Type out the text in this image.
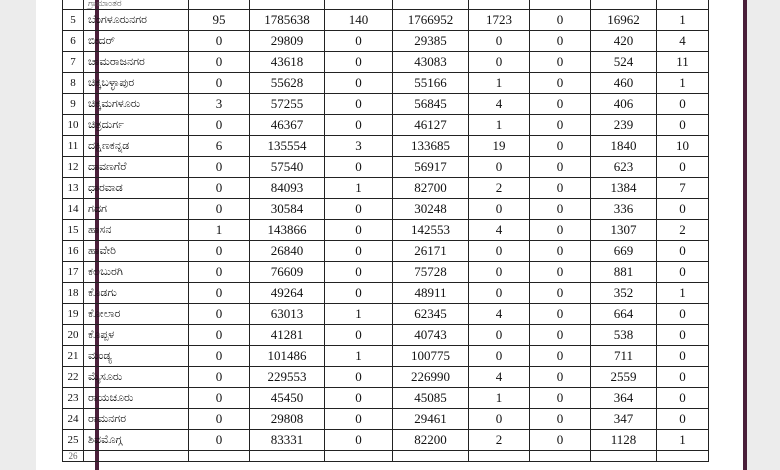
	ಗ್ರಾಮಾಂತರ								
5	ಬೆಂಗಳೂರುನಗರ	95	1785638	140	1766952	1723	0	16962	1
6	ಬೀದರ್	0	29809	0	29385	0	0	420	4
7	ಚಾಮರಾಜನಗರ	0	43618	0	43083	0	0	524	11
8	ಚಿಕ್ಕಬಳ್ಳಾಪುರ	0	55628	0	55166	1	0	460	1
9	ಚಿಕ್ಕಮಗಳೂರು	3	57255	0	56845	4	0	406	0
10	ಚಿತ್ರದುರ್ಗ	0	46367	0	46127	1	0	239	0
11	ದಕ್ಷಿಣಕನ್ನಡ	6	135554	3	133685	19	0	1840	10
12	ದಾವಣಗೆರೆ	0	57540	0	56917	0	0	623	0
13	ಧಾರವಾಡ	0	84093	1	82700	2	0	1384	7
14	ಗದಗ	0	30584	0	30248	0	0	336	0
15	ಹಾಸನ	1	143866	0	142553	4	0	1307	2
16	ಹಾವೇರಿ	0	26840	0	26171	0	0	669	0
17	ಕಲಬುರಗಿ	0	76609	0	75728	0	0	881	0
18	ಕೊಡಗು	0	49264	0	48911	0	0	352	1
19	ಕೋಲಾರ	0	63013	1	62345	4	0	664	0
20	ಕೊಪ್ಪಳ	0	41281	0	40743	0	0	538	0
21	ಮಂಡ್ಯ	0	101486	1	100775	0	0	711	0
22	ಮೈಸೂರು	0	229553	0	226990	4	0	2559	0
23	ರಾಯಚೂರು	0	45450	0	45085	1	0	364	0
24	ರಾಮನಗರ	0	29808	0	29461	0	0	347	0
25	ಶಿವಮೊಗ್ಗ	0	83331	0	82200	2	0	1128	1
26									
